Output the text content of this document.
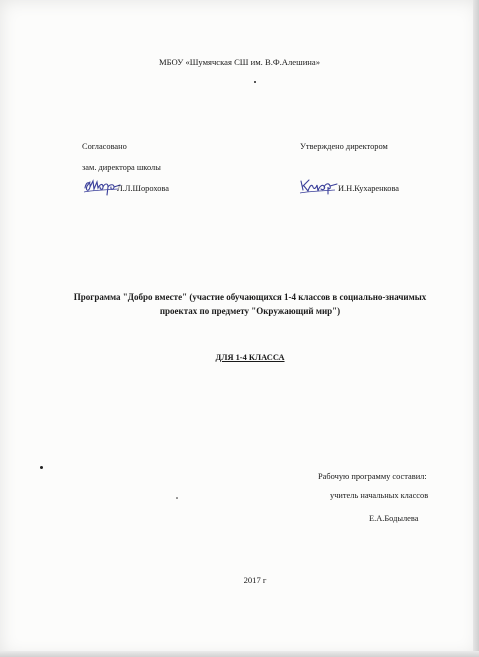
МБОУ «Шумячская СШ им. В.Ф.Алешина»
Согласовано	Утверждено директором
зам. директора школы
Л.Л.Шорохова	И.Н.Кухаренкова
Программа "Добро вместе" (участие обучающихся 1-4 классов в социально-значимых проектах по предмету "Окружающий мир")
ДЛЯ 1-4 КЛАССА
Рабочую программу составил:
учитель начальных классов
Е.А.Бодылева
2017 г
